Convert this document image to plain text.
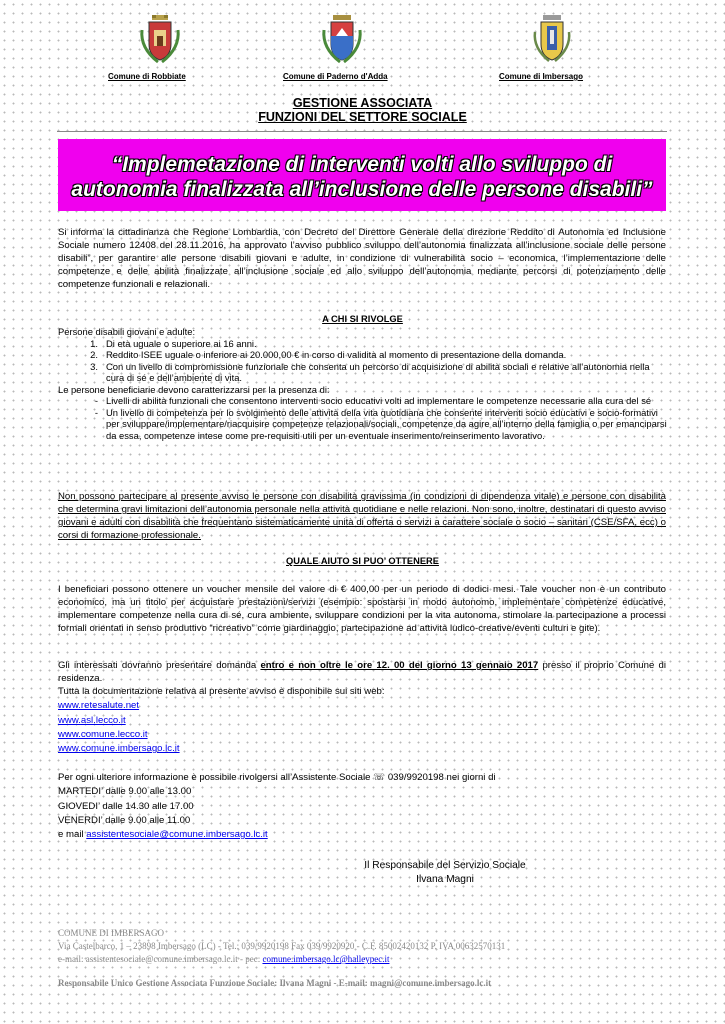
Comune di Robbiate	Comune di Paderno d'Adda	Comune di Imbersago
GESTIONE ASSOCIATA
FUNZIONI DEL SETTORE SOCIALE
“Implemetazione di interventi volti allo sviluppo di
autonomia finalizzata all’inclusione delle persone disabili”
Si informa la cittadinanza che Regione Lombardia, con Decreto del Direttore Generale della direzione Reddito di Autonomia ed Inclusione Sociale numero 12408 del 28.11.2016, ha approvato l’avviso pubblico sviluppo dell’autonomia finalizzata all’inclusione sociale delle persone disabili”, per garantire alle persone disabili giovani e adulte, in condizione di vulnerabilità socio – economica, l’implementazione delle competenze e delle abilità finalizzate all’inclusione sociale ed allo sviluppo dell’autonomia mediante percorsi di potenziamento delle competenze funzionali e relazionali.
A CHI SI RIVOLGE
Persone disabili giovani e adulte:
1. Di età uguale o superiore ai 16 anni.
2. Reddito ISEE uguale o inferiore ai 20.000,00 € in corso di validità al momento di presentazione della domanda.
3. Con un livello di compromissione funzionale che consenta un percorso di acquisizione di abilità sociali e relative all’autonomia nella cura di sé e dell’ambiente di vita.
Le persone beneficiarie devono caratterizzarsi per la presenza di:
- Livelli di abilità funzionali che consentono interventi socio educativi volti ad implementare le competenze necessarie alla cura del sé
- Un livello di competenza per lo svolgimento delle attività della vita quotidiana che consente interventi socio educativi e socio-formativi per sviluppare/implementare/riacquisire competenze relazionali/sociali, competenze da agire all’interno della famiglia o per emanciparsi da essa, competenze intese come pre-requisiti utili per un eventuale inserimento/reinserimento lavorativo.
Non possono partecipare al presente avviso le persone con disabilità gravissima (in condizioni di dipendenza vitale) e persone con disabilità che determina gravi limitazioni dell’autonomia personale nella attività quotidiane e nelle relazioni. Non sono, inoltre, destinatari di questo avviso giovani e adulti con disabilità che frequentano sistematicamente unità di offerta o servizi a carattere sociale o socio – sanitari (CSE/SFA, ecc) o corsi di formazione professionale.
QUALE AIUTO SI PUO’ OTTENERE
I beneficiari possono ottenere un voucher mensile del valore di € 400,00 per un periodo di dodici mesi. Tale voucher non è un contributo economico, ma un titolo per acquistare prestazioni/servizi (esempio: spostarsi in modo autonomo, implementare competenze educative, implementare competenze nella cura di sé, cura ambiente, sviluppare condizioni per la vita autonoma, stimolare la partecipazione a processi formali orientati in senso produttivo “ricreativo” come giardinaggio, partecipazione ad attività ludico-creative/eventi culturi e gite).
Gli interessati dovranno presentare domanda entro e non oltre le ore 12. 00 del giorno 13 gennaio 2017 presso il proprio Comune di residenza.
Tutta la documentazione relativa al presente avviso è disponibile sui siti web:
www.retesalute.net
www.asl.lecco.it
www.comune.lecco.it
www.comune.imbersago.lc.it
Per ogni ulteriore informazione è possibile rivolgersi all’Assistente Sociale ☏ 039/9920198 nei giorni di
MARTEDI’ dalle 9.00 alle 13.00
GIOVEDI’ dalle 14.30 alle 17.00
VENERDI’ dalle 9.00 alle 11.00
e mail assistentesociale@comune.imbersago.lc.it
Il Responsabile del Servizio Sociale
Ilvana Magni
COMUNE DI IMBERSAGO
Via Castelbarco, 1 – 23898 Imbersago (LC) - Tel.: 039/9920198 Fax 039/9920920 - C.F. 85002420132 P. IVA 00632570131
e-mail: assistentesociale@comune.imbersago.lc.it - pec: comune.imbersago.lc@halleypec.it
Responsabile Unico Gestione Associata Funzione Sociale: Ilvana Magni - E-mail: magni@comune.imbersago.lc.it
